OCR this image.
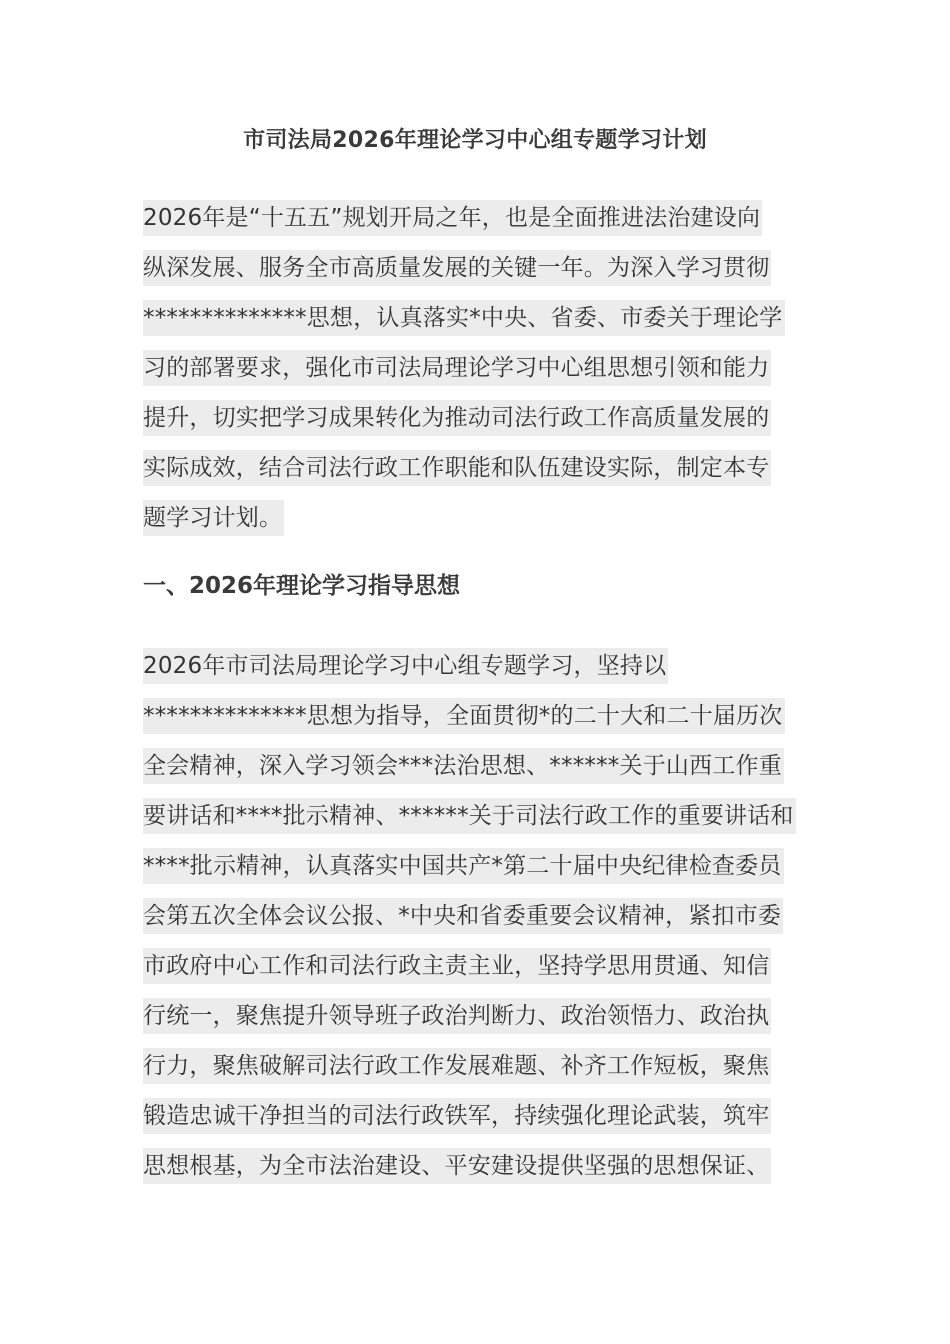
市司法局2026年理论学习中心组专题学习计划
2026年是“十五五”规划开局之年，也是全面推进法治建设向
纵深发展、服务全市高质量发展的关键一年。为深入学习贯彻
**************思想，认真落实*中央、省委、市委关于理论学
习的部署要求，强化市司法局理论学习中心组思想引领和能力
提升，切实把学习成果转化为推动司法行政工作高质量发展的
实际成效，结合司法行政工作职能和队伍建设实际，制定本专
题学习计划。
一、2026年理论学习指导思想
2026年市司法局理论学习中心组专题学习，坚持以
**************思想为指导，全面贯彻*的二十大和二十届历次
全会精神，深入学习领会***法治思想、******关于山西工作重
要讲话和****批示精神、******关于司法行政工作的重要讲话和
****批示精神，认真落实中国共产*第二十届中央纪律检查委员
会第五次全体会议公报、*中央和省委重要会议精神，紧扣市委
市政府中心工作和司法行政主责主业，坚持学思用贯通、知信
行统一，聚焦提升领导班子政治判断力、政治领悟力、政治执
行力，聚焦破解司法行政工作发展难题、补齐工作短板，聚焦
锻造忠诚干净担当的司法行政铁军，持续强化理论武装，筑牢
思想根基，为全市法治建设、平安建设提供坚强的思想保证、
